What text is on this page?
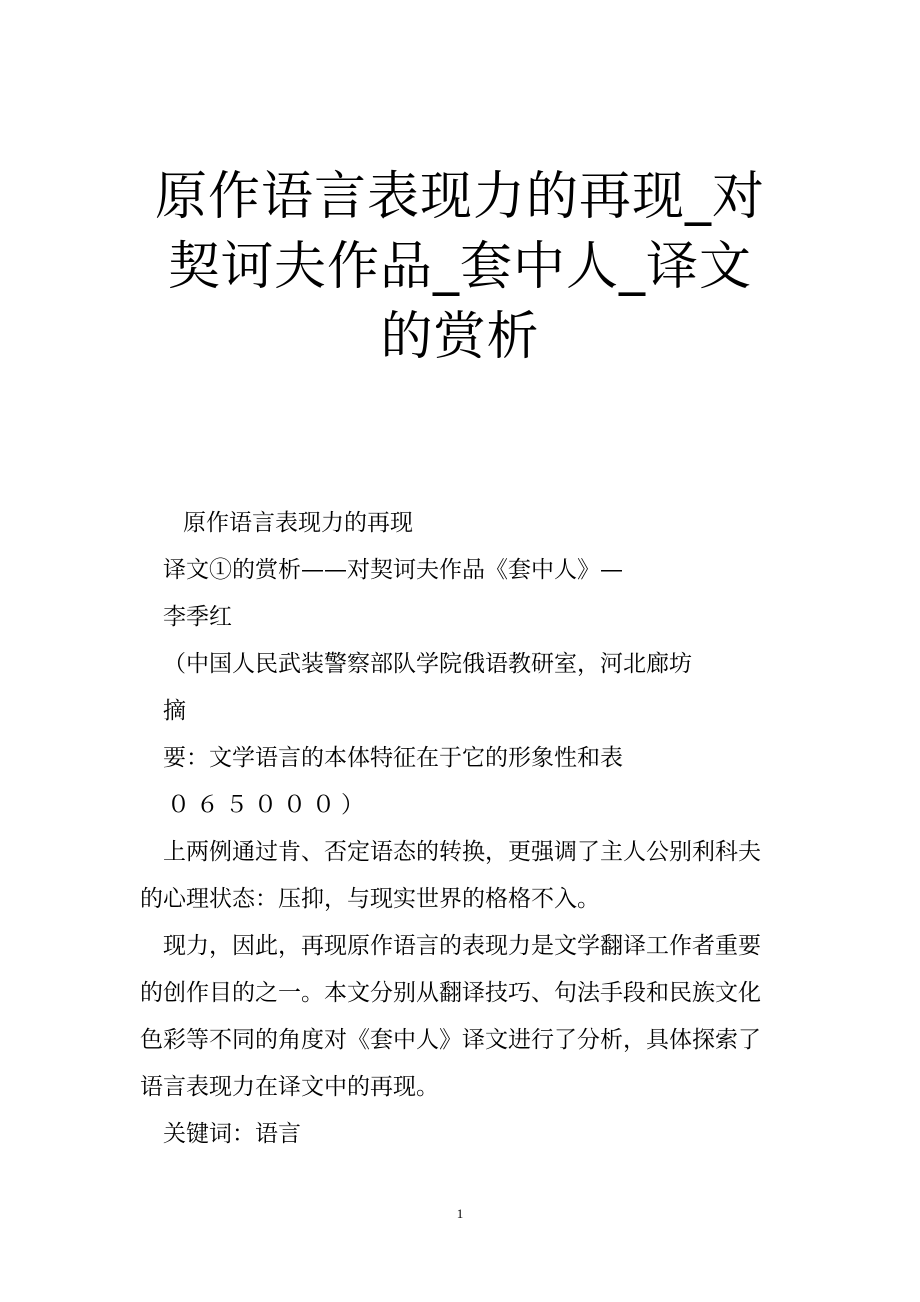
原作语言表现力的再现_对
契诃夫作品_套中人_译文
的赏析

原作语言表现力的再现

译文①的赏析——对契诃夫作品《套中人》—

李季红

（中国人民武装警察部队学院俄语教研室，河北廊坊

摘

要：文学语言的本体特征在于它的形象性和表

０６５０００）

上两例通过肯、否定语态的转换，更强调了主人公别利科夫的心理状态：压抑，与现实世界的格格不入。

现力，因此，再现原作语言的表现力是文学翻译工作者重要的创作目的之一。本文分别从翻译技巧、句法手段和民族文化色彩等不同的角度对《套中人》译文进行了分析，具体探索了语言表现力在译文中的再现。

关键词：语言

1
